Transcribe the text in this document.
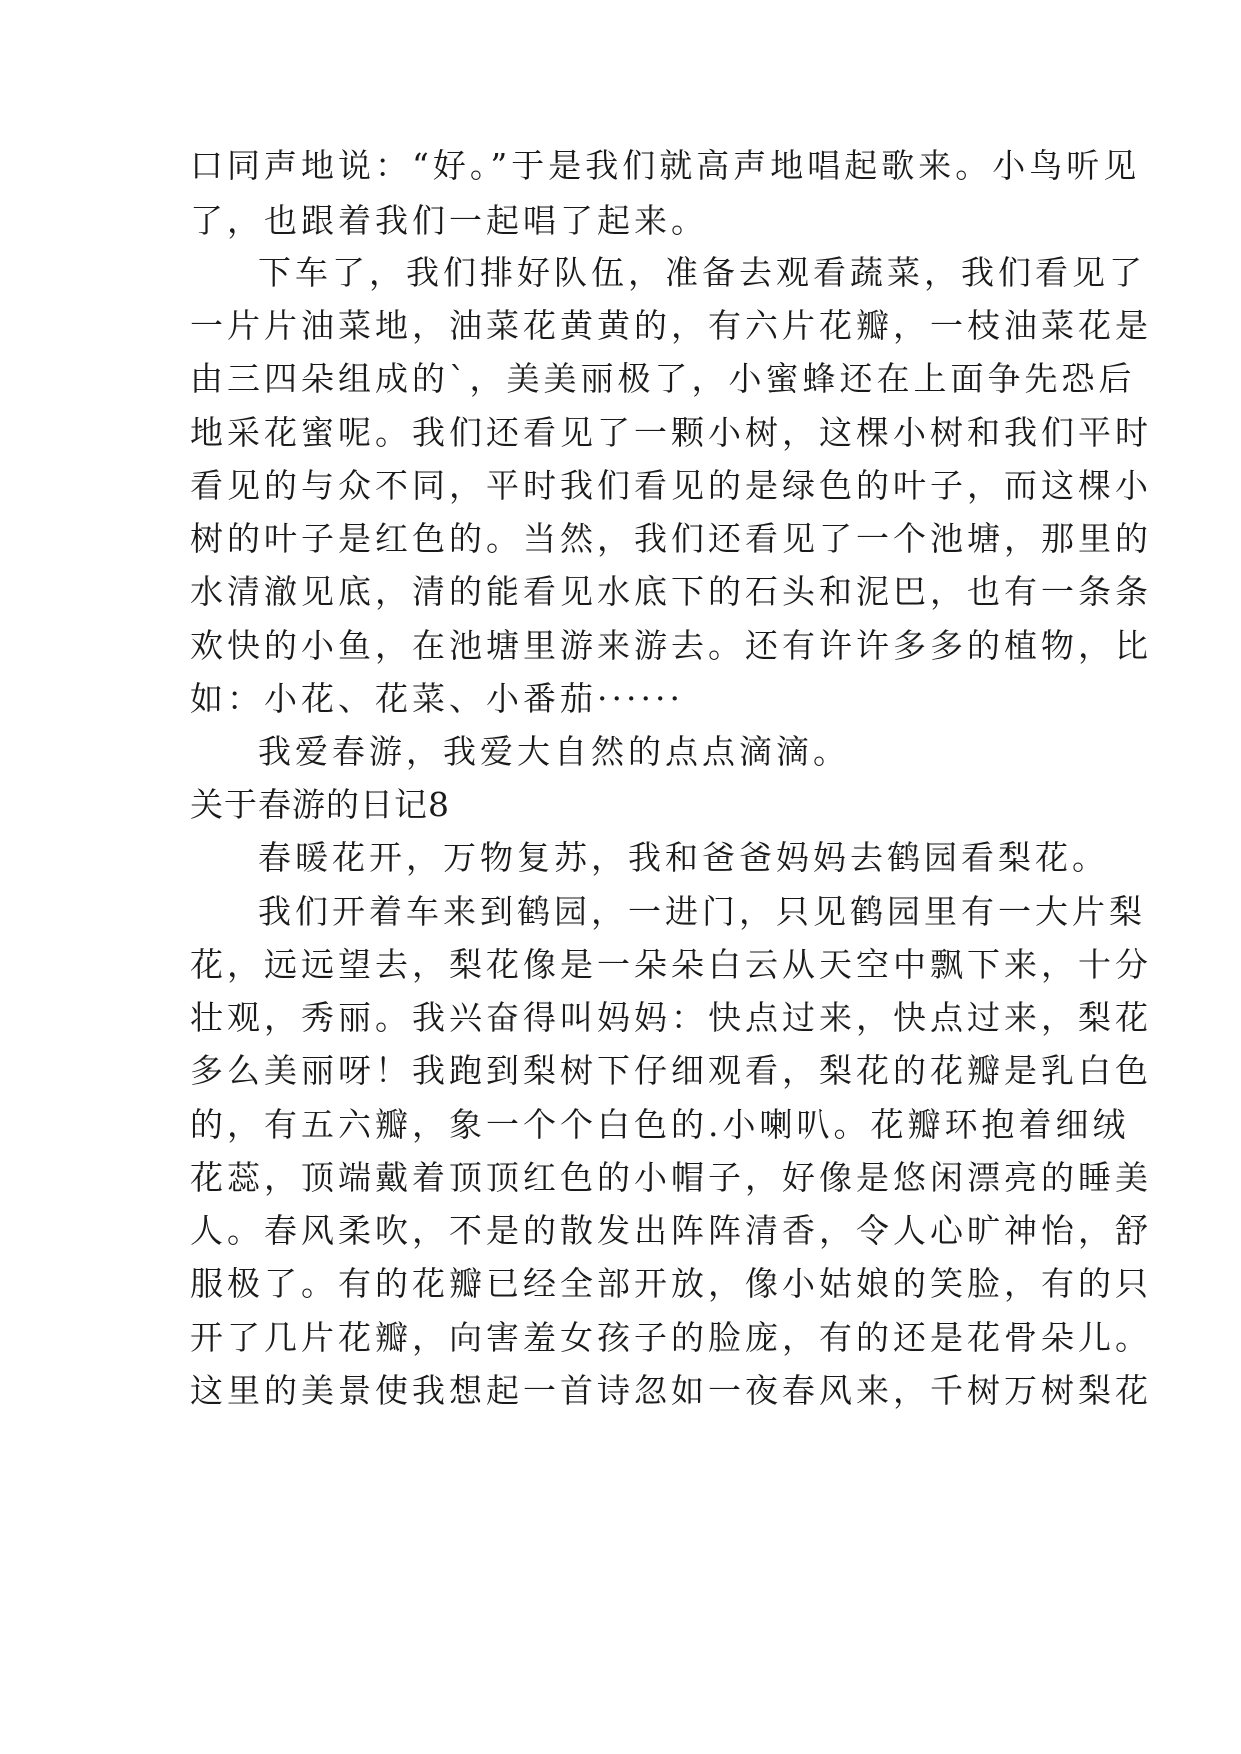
口同声地说：“好。”于是我们就高声地唱起歌来。小鸟听见

了，也跟着我们一起唱了起来。

下车了，我们排好队伍，准备去观看蔬菜，我们看见了

一片片油菜地，油菜花黄黄的，有六片花瓣，一枝油菜花是

由三四朵组成的`，美美丽极了，小蜜蜂还在上面争先恐后

地采花蜜呢。我们还看见了一颗小树，这棵小树和我们平时

看见的与众不同，平时我们看见的是绿色的叶子，而这棵小

树的叶子是红色的。当然，我们还看见了一个池塘，那里的

水清澈见底，清的能看见水底下的石头和泥巴，也有一条条

欢快的小鱼，在池塘里游来游去。还有许许多多的植物，比

如：小花、花菜、小番茄······

我爱春游，我爱大自然的点点滴滴。

关于春游的日记8

春暖花开，万物复苏，我和爸爸妈妈去鹤园看梨花。

我们开着车来到鹤园，一进门，只见鹤园里有一大片梨

花，远远望去，梨花像是一朵朵白云从天空中飘下来，十分

壮观，秀丽。我兴奋得叫妈妈：快点过来，快点过来，梨花

多么美丽呀！我跑到梨树下仔细观看，梨花的花瓣是乳白色

的，有五六瓣，象一个个白色的.小喇叭。花瓣环抱着细绒

花蕊，顶端戴着顶顶红色的小帽子，好像是悠闲漂亮的睡美

人。春风柔吹，不是的散发出阵阵清香，令人心旷神怡，舒

服极了。有的花瓣已经全部开放，像小姑娘的笑脸，有的只

开了几片花瓣，向害羞女孩子的脸庞，有的还是花骨朵儿。

这里的美景使我想起一首诗忽如一夜春风来，千树万树梨花
